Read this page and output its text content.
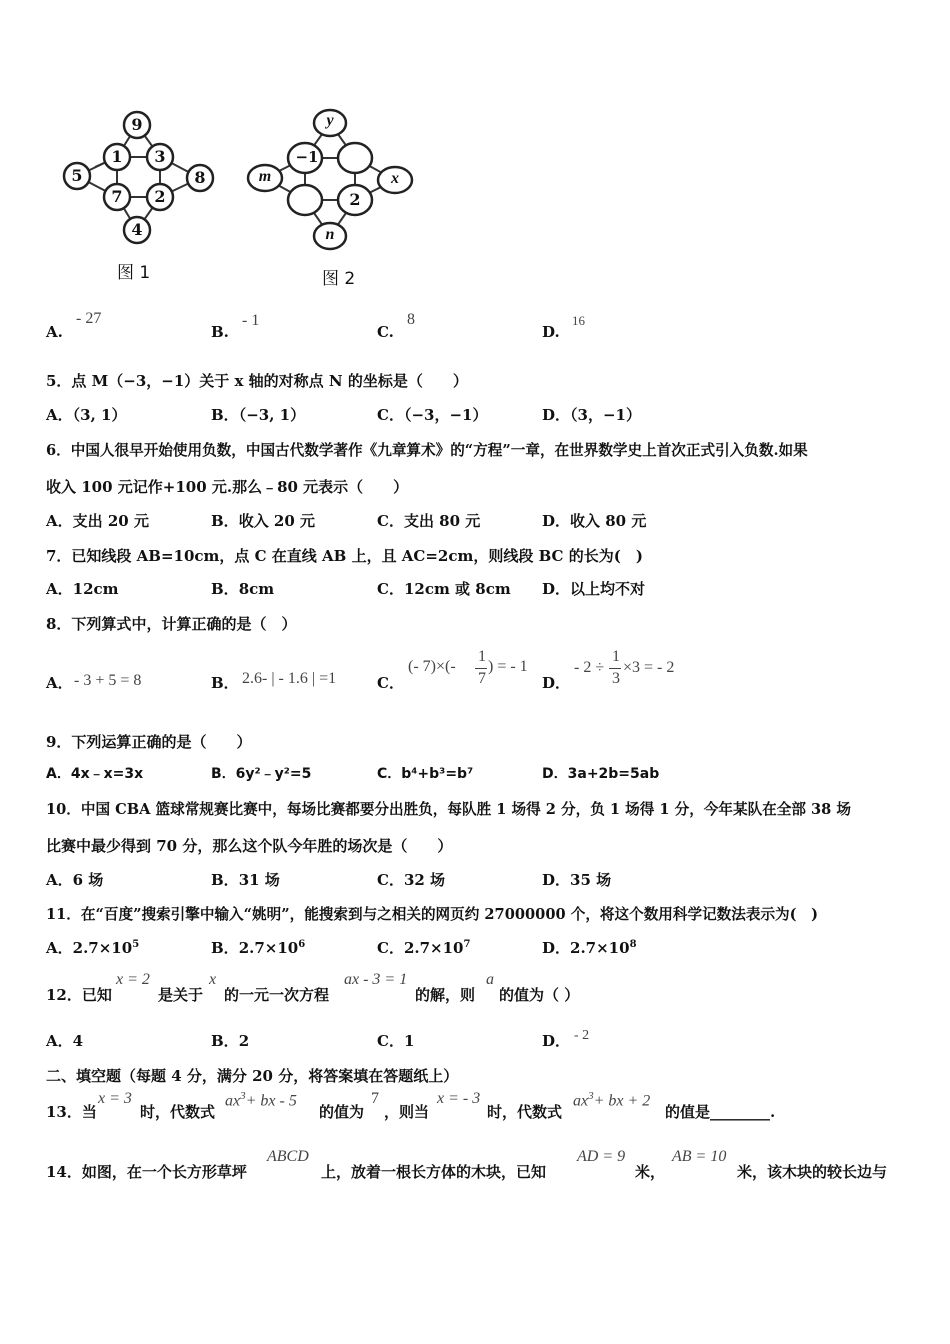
9
1 3
5
7 2
8
4
图 1
y
−1
m	x
2
n
图 2
A.
- 27
B.
- 1
C.
8
D.
16
5．点 M（−3，−1）关于 x 轴的对称点 N 的坐标是（　　）
A．（3, 1）	B．（−3, 1）	C．（−3，−1）	D．（3，−1）
6．中国人很早开始使用负数，中国古代数学著作《九章算术》的“方程”一章，在世界数学史上首次正式引入负数.如果
收入 100 元记作+100 元.那么﹣80 元表示（　　）
A．支出 20 元	B．收入 20 元	C．支出 80 元	D．收入 80 元
7．已知线段 AB=10cm，点 C 在直线 AB 上，且 AC=2cm，则线段 BC 的长为(　)
A．12cm	B．8cm	C．12cm 或 8cm D．以上均不对
8．下列算式中，计算正确的是（　）
A． - 3 + 5 = 8	B． 2.6- | - 1.6 | =1	C．
(- 7)×(-
1
7
) = - 1
D．
- 2 ÷
1
3
×3 = - 2
9．下列运算正确的是（　　）
A．4x﹣x=3x	B．6y²﹣y²=5	C．b⁴+b³=b⁷	D．3a+2b=5ab
10．中国 CBA 篮球常规赛比赛中，每场比赛都要分出胜负，每队胜 1 场得 2 分，负 1 场得 1 分，今年某队在全部 38 场
比赛中最少得到 70 分，那么这个队今年胜的场次是（　　）
A．6 场	B．31 场	C．32 场	D．35 场
11．在“百度”搜索引擎中输入“姚明”，能搜索到与之相关的网页约 27000000 个，将这个数用科学记数法表示为(　)
A．$2.7\times 10^5$	B．$2.7\times 10^6$	C．$2.7\times 10^7$	D．$2.7\times 10^8$
12．已知
x = 2
是关于
x
的一元一次方程
ax - 3 = 1
的解，则
a
的值为（ ）
A．4	B．2	C．1	D． - 2
二、填空题（每题 4 分，满分 20 分，将答案填在答题纸上）
13．当
x = 3
时，代数式
$ax^3+$ bx - 5
的值为
7
，则当
x = - 3
时，代数式
$ax^3+$ bx + 2
的值是________.
14．如图，在一个长方形草坪
ABCD
上，放着一根长方体的木块，已知
AD = 9
米，
AB = 10
米，该木块的较长边与
